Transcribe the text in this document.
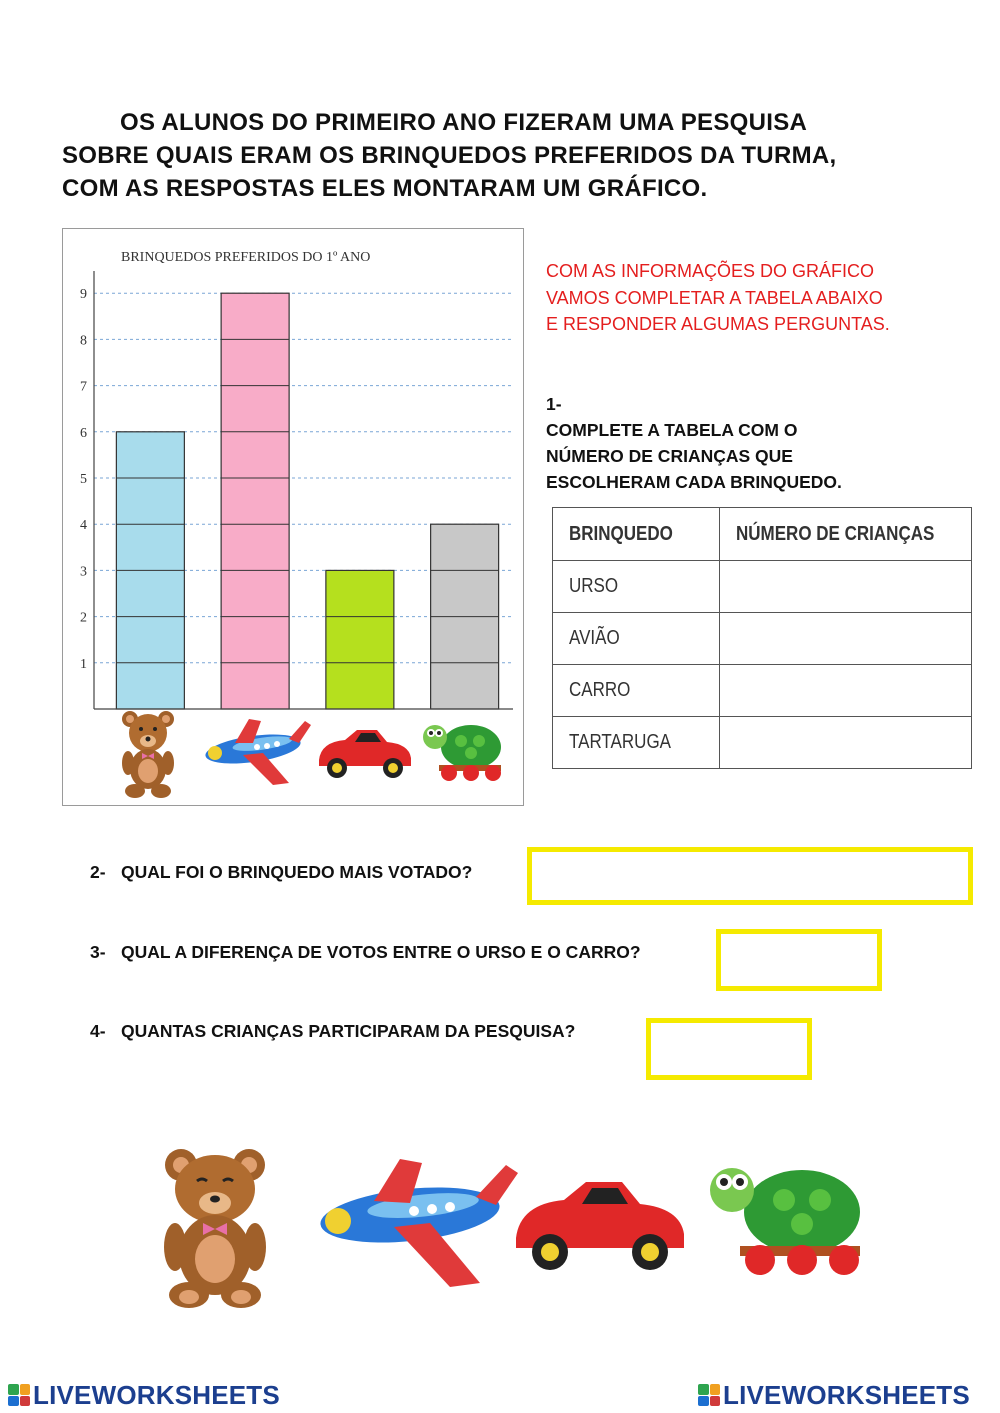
OS ALUNOS DO PRIMEIRO ANO FIZERAM UMA PESQUISA
SOBRE QUAIS ERAM OS BRINQUEDOS PREFERIDOS DA TURMA,
COM AS RESPOSTAS ELES MONTARAM UM GRÁFICO.
BRINQUEDOS PREFERIDOS DO 1º ANO
1
2
3
4
5
6
7
8
9
COM AS INFORMAÇÕES DO GRÁFICO
VAMOS COMPLETAR A TABELA ABAIXO
E RESPONDER ALGUMAS PERGUNTAS.
1-
COMPLETE A TABELA COM O
NÚMERO DE CRIANÇAS QUE
ESCOLHERAM CADA BRINQUEDO.
BRINQUEDO	NÚMERO DE CRIANÇAS
URSO	
AVIÃO	
CARRO	
TARTARUGA	
2- QUAL FOI O BRINQUEDO MAIS VOTADO?
3- QUAL A DIFERENÇA DE VOTOS ENTRE O URSO E O CARRO?
4- QUANTAS CRIANÇAS PARTICIPARAM DA PESQUISA?
LIVEWORKSHEETS	LIVEWORKSHEETS
